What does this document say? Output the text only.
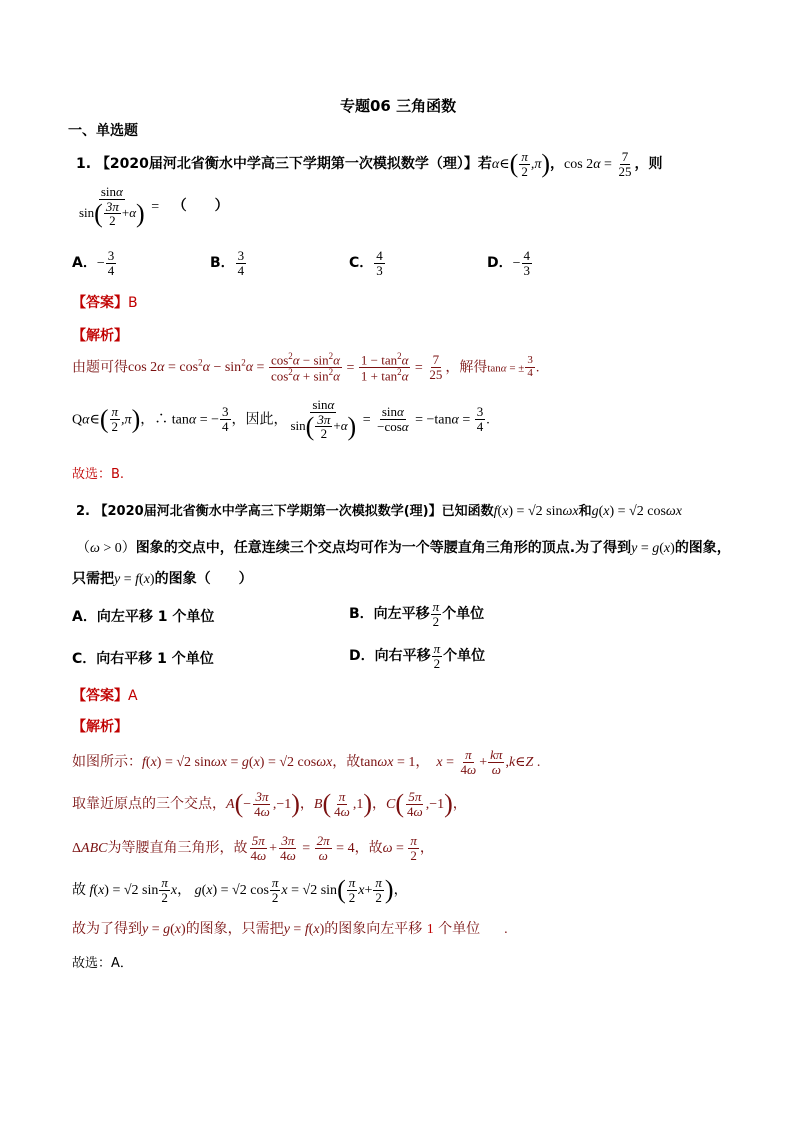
专题06 三角函数
一、单选题
1. 【2020届河北省衡水中学高三下学期第一次模拟数学（理）】若α∈( $\frac{\pi}{2} ,\pi$)，$\cos 2\alpha = \frac{7}{25}$ ，则
$\frac{\sin\alpha}{\sin( \frac{3\pi}{2} +\alpha)}$ = （　　）
A．− $\frac{3}{4}$	B． $\frac{3}{4}$	C． $\frac{4}{3}$	D．− $\frac{4}{3}$
【答案】B
【解析】
由题可得$\cos 2\alpha = \cos^2\alpha - \sin^2\alpha = \frac{\cos^2\alpha - \sin^2\alpha}{\cos^2\alpha + \sin^2\alpha} = \frac{1 - \tan^2\alpha}{1 + \tan^2\alpha} = \frac{7}{25}$ ，解得tanα = ± $\frac{3}{4}$ .
Qα∈( $\frac{\pi}{2} ,\pi$)，∴ tanα = − $\frac{3}{4}$ ，因此， $\frac{\sin\alpha}{\sin( \frac{3\pi}{2} +\alpha)} = \frac{\sin\alpha}{-\cos\alpha} = -\tan\alpha = \frac{3}{4}$ .
故选：B.
2. 【2020届河北省衡水中学高三下学期第一次模拟数学(理)】已知函数f(x) = √2 sinωx和g(x) = √2 cosωx
（ω > 0）图象的交点中，任意连续三个交点均可作为一个等腰直角三角形的顶点.为了得到y = g(x)的图象，
只需把y = f(x)的图象（　　）
A．向左平移 1 个单位	B．向左平移 $\frac{\pi}{2}$ 个单位
C．向右平移 1 个单位	D．向右平移 $\frac{\pi}{2}$ 个单位
【答案】A
【解析】
如图所示：f(x) = √2 sinωx = g(x) = √2 cosωx，故tanωx = 1，  $x = \frac{\pi}{4\omega} + \frac{k\pi}{\omega}$ ,k∈Z .
取靠近原点的三个交点，$A(- \frac{3\pi}{4\omega} ,-1)$，$B( \frac{\pi}{4\omega} ,1)$，$C( \frac{5\pi}{4\omega} ,-1)$，
ΔABC为等腰直角三角形，故 $\frac{5\pi}{4\omega} + \frac{3\pi}{4\omega} = \frac{2\pi}{\omega} = 4$，故$\omega = \frac{\pi}{2}$ ，
故 f(x) = √2 $\sin \frac{\pi}{2}$ x， g(x) = √2 $\cos \frac{\pi}{2}$ x = √2 $\sin( \frac{\pi}{2} x+ \frac{\pi}{2}$ )，
故为了得到y = g(x)的图象，只需把y = f(x)的图象向左平移 1 个单位 .
故选：A．
